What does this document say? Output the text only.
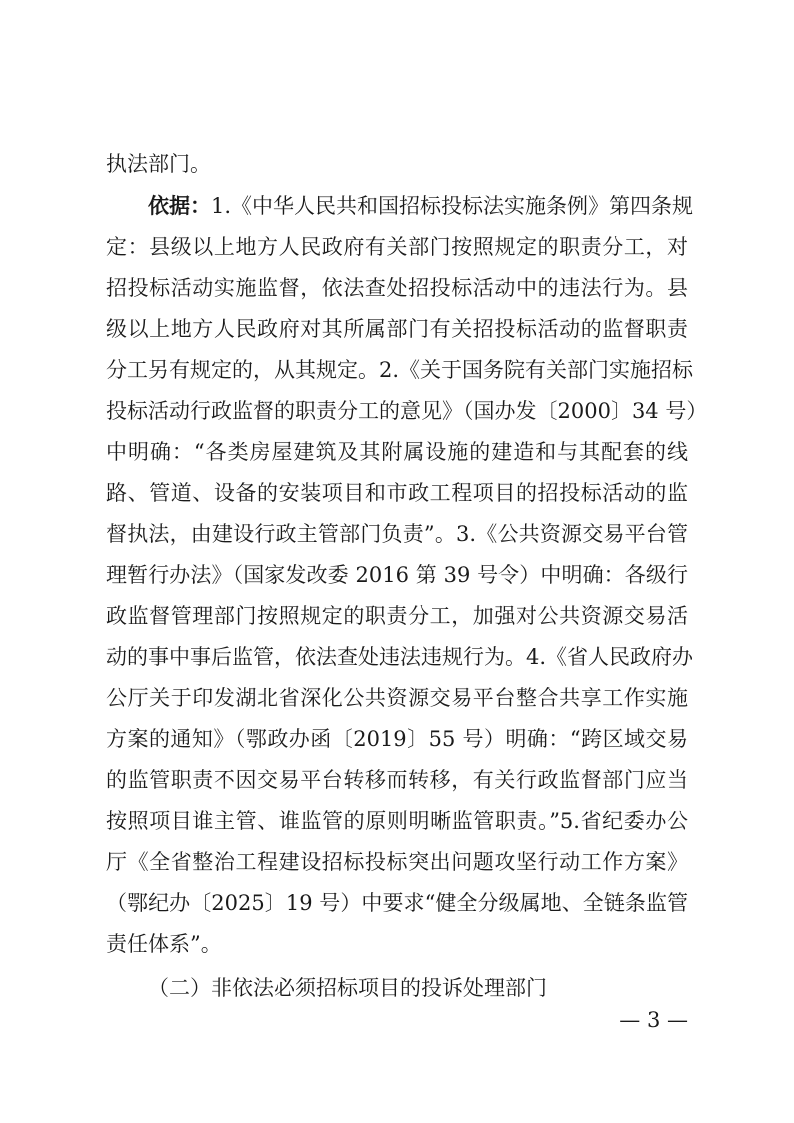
执法部门。
依据：1.《中华人民共和国招标投标法实施条例》第四条规
定：县级以上地方人民政府有关部门按照规定的职责分工，对
招投标活动实施监督，依法查处招投标活动中的违法行为。县
级以上地方人民政府对其所属部门有关招投标活动的监督职责
分工另有规定的，从其规定。2.《关于国务院有关部门实施招标
投标活动行政监督的职责分工的意见》（国办发〔2000〕34 号）
中明确：“各类房屋建筑及其附属设施的建造和与其配套的线
路、管道、设备的安装项目和市政工程项目的招投标活动的监
督执法，由建设行政主管部门负责”。3.《公共资源交易平台管
理暂行办法》（国家发改委 2016 第 39 号令）中明确：各级行
政监督管理部门按照规定的职责分工，加强对公共资源交易活
动的事中事后监管，依法查处违法违规行为。4.《省人民政府办
公厅关于印发湖北省深化公共资源交易平台整合共享工作实施
方案的通知》（鄂政办函〔2019〕55 号）明确：“跨区域交易
的监管职责不因交易平台转移而转移，有关行政监督部门应当
按照项目谁主管、谁监管的原则明晰监管职责。”5.省纪委办公
厅《全省整治工程建设招标投标突出问题攻坚行动工作方案》
（鄂纪办〔2025〕19 号）中要求“健全分级属地、全链条监管
责任体系”。
（二）非依法必须招标项目的投诉处理部门
— 3 —
